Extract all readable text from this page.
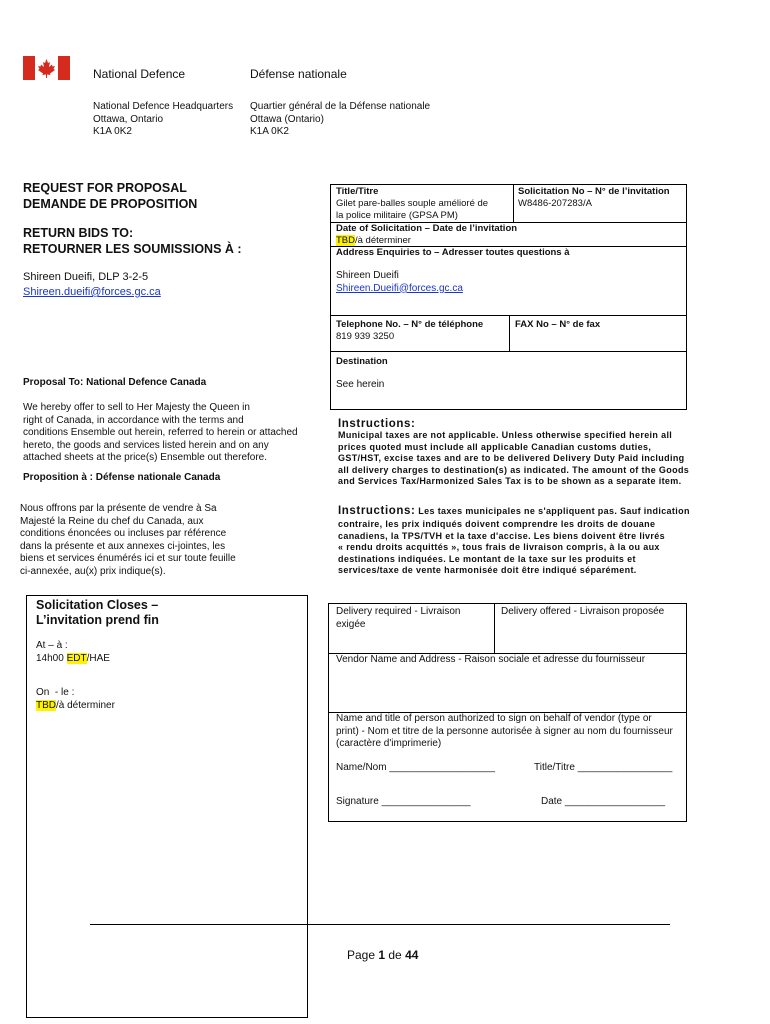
National Defence	Défense nationale
National Defence Headquarters
Ottawa, Ontario
K1A 0K2
Quartier général de la Défense nationale
Ottawa (Ontario)
K1A 0K2
REQUEST FOR PROPOSAL
DEMANDE DE PROPOSITION
RETURN BIDS TO:
RETOURNER LES SOUMISSIONS À :
Shireen Dueifi, DLP 3-2-5
Shireen.dueifi@forces.gc.ca
Proposal To: National Defence Canada
We hereby offer to sell to Her Majesty the Queen in
right of Canada, in accordance with the terms and
conditions Ensemble out herein, referred to herein or attached
hereto, the goods and services listed herein and on any
attached sheets at the price(s) Ensemble out therefore.
Proposition à : Défense nationale Canada
Nous offrons par la présente de vendre à Sa
Majesté la Reine du chef du Canada, aux
conditions énoncées ou incluses par référence
dans la présente et aux annexes ci-jointes, les
biens et services énumérés ici et sur toute feuille
ci-annexée, au(x) prix indique(s).
Solicitation Closes –
L’invitation prend fin
At – à :
14h00 EDT/HAE
On  - le :
TBD/à déterminer
Title/Titre
Gilet pare-balles souple amélioré de
la police militaire (GPSA PM)
Solicitation No – N° de l’invitation
W8486-207283/A
Date of Solicitation – Date de l’invitation
TBD/à déterminer
Address Enquiries to – Adresser toutes questions à
Shireen Dueifi
Shireen.Dueifi@forces.gc.ca
Telephone No. – N° de téléphone
819 939 3250
FAX No – N° de fax
Destination
See herein
Instructions:
Municipal taxes are not applicable. Unless otherwise specified herein all
prices quoted must include all applicable Canadian customs duties,
GST/HST, excise taxes and are to be delivered Delivery Duty Paid including
all delivery charges to destination(s) as indicated. The amount of the Goods
and Services Tax/Harmonized Sales Tax is to be shown as a separate item.
Instructions: Les taxes municipales ne s'appliquent pas. Sauf indication
contraire, les prix indiqués doivent comprendre les droits de douane
canadiens, la TPS/TVH et la taxe d'accise. Les biens doivent être livrés
« rendu droits acquittés », tous frais de livraison compris, à la ou aux
destinations indiquées. Le montant de la taxe sur les produits et
services/taxe de vente harmonisée doit être indiqué séparément.
Delivery required - Livraison
exigée
Delivery offered - Livraison proposée
Vendor Name and Address - Raison sociale et adresse du fournisseur
Name and title of person authorized to sign on behalf of vendor (type or
print) - Nom et titre de la personne autorisée à signer au nom du fournisseur
(caractère d'imprimerie)
Name/Nom ___________________	Title/Titre _________________
Signature ________________	Date __________________
Page 1 de 44
